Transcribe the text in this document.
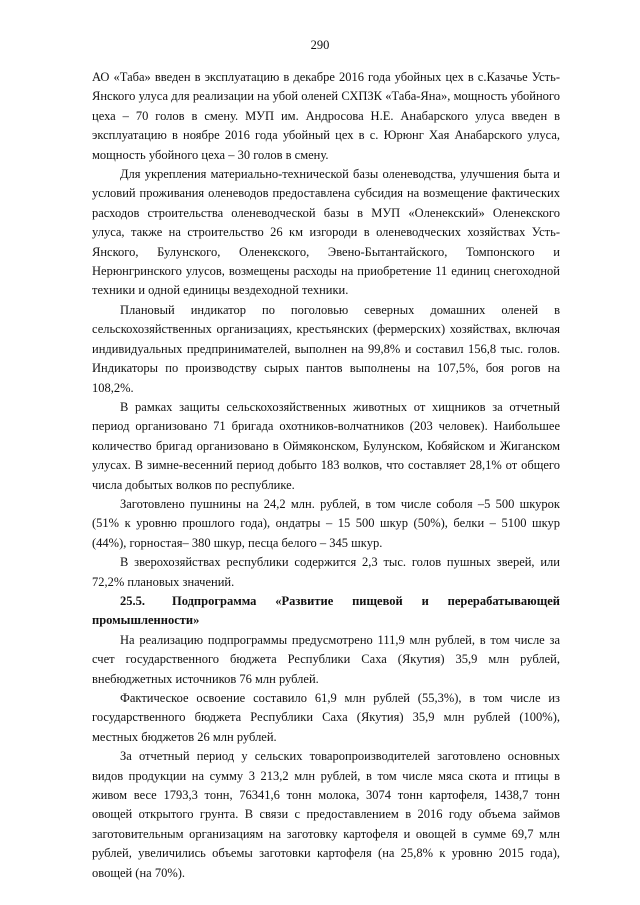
290

АО «Таба» введен в эксплуатацию в декабре 2016 года убойных цех в с.Казачье Усть-Янского улуса для реализации на убой оленей СХПЗК «Таба-Яна», мощность убойного цеха – 70 голов в смену. МУП им. Андросова Н.Е. Анабарского улуса введен в эксплуатацию в ноябре 2016 года убойный цех в с. Юрюнг Хая Анабарского улуса, мощность убойного цеха – 30 голов в смену.

Для укрепления материально-технической базы оленеводства, улучшения быта и условий проживания оленеводов предоставлена субсидия на возмещение фактических расходов строительства оленеводческой базы в МУП «Оленекский» Оленекского улуса, также на строительство 26 км изгороди в оленеводческих хозяйствах Усть-Янского, Булунского, Оленекского, Эвено-Бытантайского, Томпонского и Нерюнгринского улусов, возмещены расходы на приобретение 11 единиц снегоходной техники и одной единицы вездеходной техники.

Плановый индикатор по поголовью северных домашних оленей в сельскохозяйственных организациях, крестьянских (фермерских) хозяйствах, включая индивидуальных предпринимателей, выполнен на 99,8% и составил 156,8 тыс. голов. Индикаторы по производству сырых пантов выполнены на 107,5%, боя рогов на 108,2%.

В рамках защиты сельскохозяйственных животных от хищников за отчетный период организовано 71 бригада охотников-волчатников (203 человек). Наибольшее количество бригад организовано в Оймяконском, Булунском, Кобяйском и Жиганском улусах. В зимне-весенний период добыто 183 волков, что составляет 28,1% от общего числа добытых волков по республике.

Заготовлено пушнины на 24,2 млн. рублей, в том числе соболя –5 500 шкурок (51% к уровню прошлого года), ондатры – 15 500 шкур (50%), белки – 5100 шкур (44%), горностая– 380 шкур, песца белого – 345 шкур.

В зверохозяйствах республики содержится 2,3 тыс. голов пушных зверей, или 72,2% плановых значений.

25.5. Подпрограмма «Развитие пищевой и перерабатывающей промышленности»

На реализацию подпрограммы предусмотрено 111,9 млн рублей, в том числе за счет государственного бюджета Республики Саха (Якутия) 35,9 млн рублей, внебюджетных источников 76 млн рублей.

Фактическое освоение составило 61,9 млн рублей (55,3%), в том числе из государственного бюджета Республики Саха (Якутия) 35,9 млн рублей (100%), местных бюджетов 26 млн рублей.

За отчетный период у сельских товаропроизводителей заготовлено основных видов продукции на сумму 3 213,2 млн рублей, в том числе мяса скота и птицы в живом весе 1793,3 тонн, 76341,6 тонн молока, 3074 тонн картофеля, 1438,7 тонн овощей открытого грунта. В связи с предоставлением в 2016 году объема займов заготовительным организациям на заготовку картофеля и овощей в сумме 69,7 млн рублей, увеличились объемы заготовки картофеля (на 25,8% к уровню 2015 года), овощей (на 70%).
